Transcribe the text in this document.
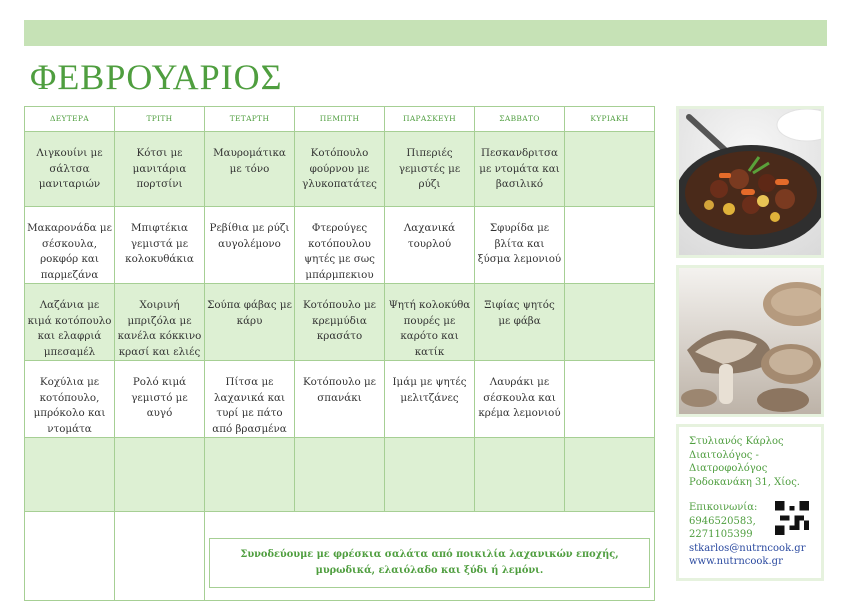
ΦΕΒΡΟΥΑΡΙΟΣ
ΔΕΥΤΕΡΑ	ΤΡΙΤΗ	ΤΕΤΑΡΤΗ	ΠΕΜΠΤΗ	ΠΑΡΑΣΚΕΥΗ	ΣΑΒΒΑΤΟ	ΚΥΡΙΑΚΗ
Λιγκουίνι με σάλτσα μανιταριών	Κότσι με μανιτάρια πορτσίνι	Μαυρομάτικα με τόνο	Κοτόπουλο φούρνου με γλυκοπατάτες	Πιπεριές γεμιστές με ρύζι	Πεσκανδριτσα με ντομάτα και βασιλικό	
Μακαρονάδα με σέσκουλα, ροκφόρ και παρμεζάνα	Μπιφτέκια γεμιστά με κολοκυθάκια	Ρεβίθια με ρύζι αυγολέμονο	Φτερούγες κοτόπουλου ψητές με σως μπάρμπεκιου	Λαχανικά τουρλού	Σφυρίδα με βλίτα και ξύσμα λεμονιού	
Λαζάνια με κιμά κοτόπουλο και ελαφριά μπεσαμέλ	Χοιρινή μπριζόλα με κανέλα κόκκινο κρασί και ελιές	Σούπα φάβας με κάρυ	Κοτόπουλο με κρεμμύδια κρασάτο	Ψητή κολοκύθα πουρές με καρότο και κατίκ	Ξιφίας ψητός με φάβα	
Κοχύλια με κοτόπουλο, μπρόκολο και ντομάτα	Ρολό κιμά γεμιστό με αυγό	Πίτσα με λαχανικά και τυρί με πάτο από βρασμένα	Κοτόπουλο με σπανάκι	Ιμάμ με ψητές μελιτζάνες	Λαυράκι με σέσκουλα και κρέμα λεμονιού	

		Συνοδεύουμε με φρέσκια σαλάτα από ποικιλία λαχανικών εποχής, μυρωδικά, ελαιόλαδο και ξύδι ή λεμόνι.				
Στυλιανός Κάρλος
Διαιτολόγος -
Διατροφολόγος
Ροδοκανάκη 31, Χίος.
Επικοινωνία:
6946520583,
2271105399
stkarlos@nutrncook.gr
www.nutrncook.gr
